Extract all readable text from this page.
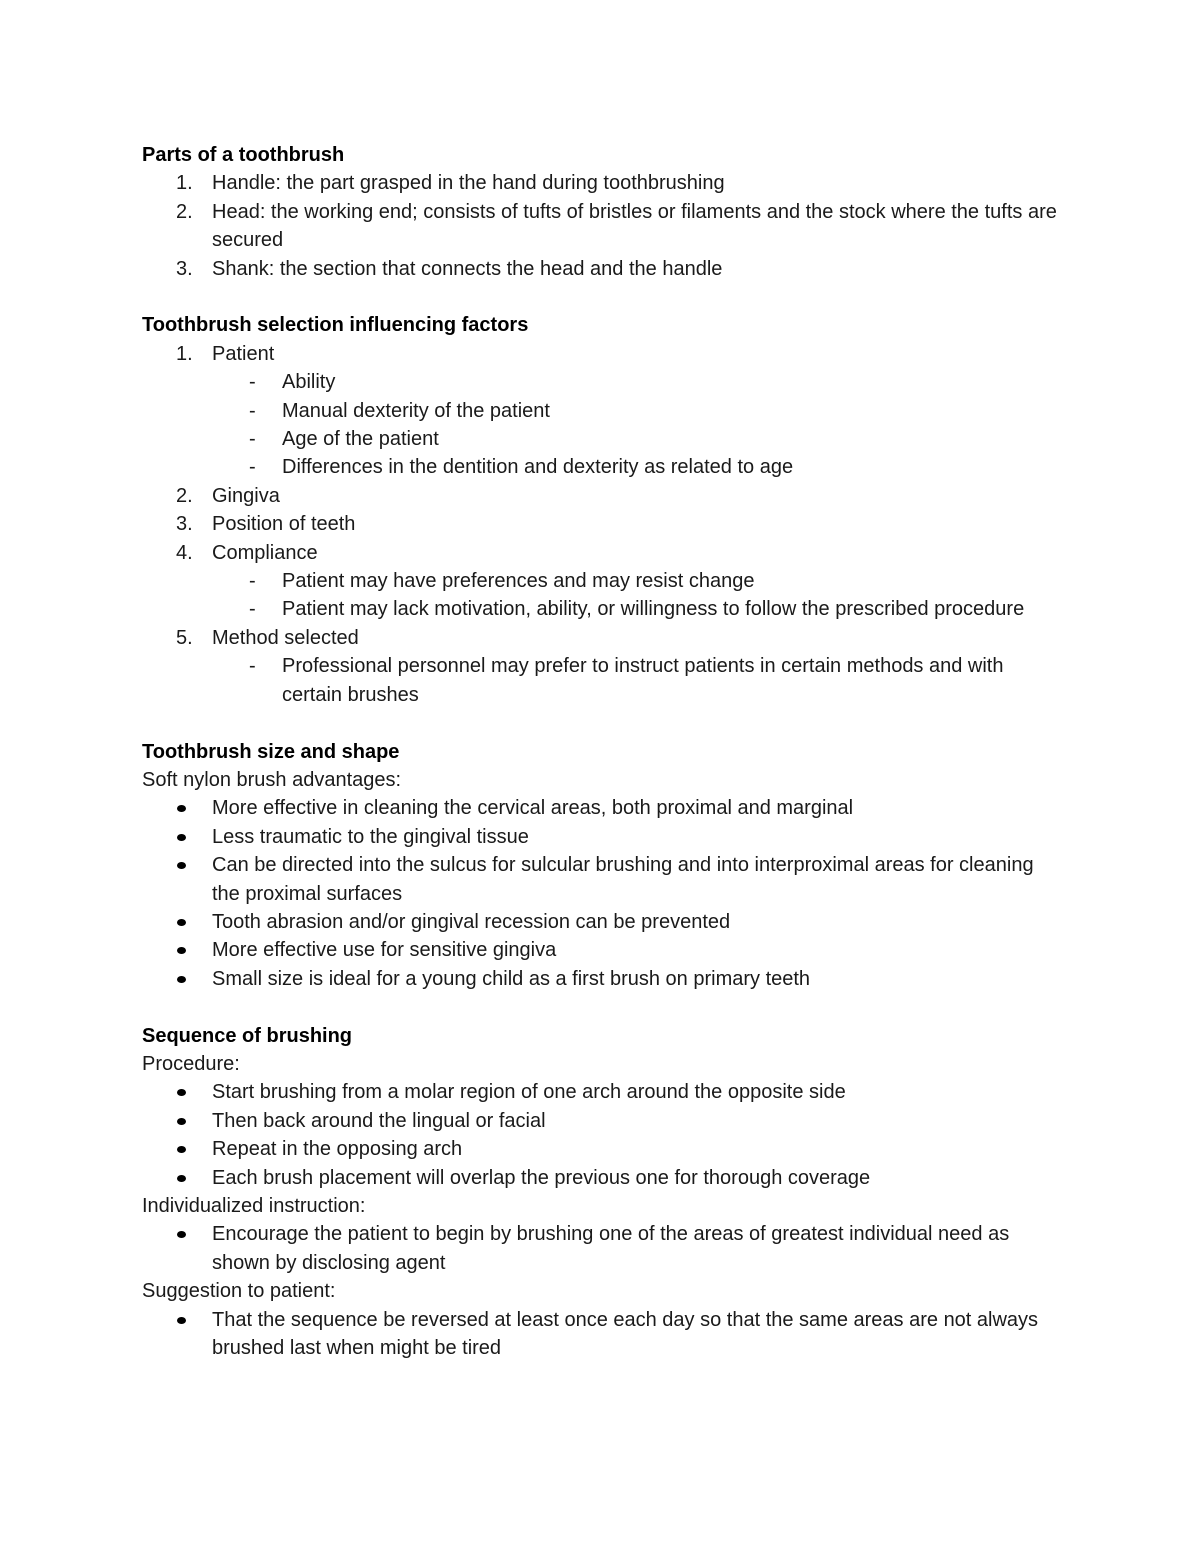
Parts of a toothbrush
1. Handle: the part grasped in the hand during toothbrushing
2. Head: the working end; consists of tufts of bristles or filaments and the stock where the tufts are secured
3. Shank: the section that connects the head and the handle
Toothbrush selection influencing factors
1. Patient
- Ability
- Manual dexterity of the patient
- Age of the patient
- Differences in the dentition and dexterity as related to age
2. Gingiva
3. Position of teeth
4. Compliance
- Patient may have preferences and may resist change
- Patient may lack motivation, ability, or willingness to follow the prescribed procedure
5. Method selected
- Professional personnel may prefer to instruct patients in certain methods and with certain brushes
Toothbrush size and shape
Soft nylon brush advantages:
More effective in cleaning the cervical areas, both proximal and marginal
Less traumatic to the gingival tissue
Can be directed into the sulcus for sulcular brushing and into interproximal areas for cleaning the proximal surfaces
Tooth abrasion and/or gingival recession can be prevented
More effective use for sensitive gingiva
Small size is ideal for a young child as a first brush on primary teeth
Sequence of brushing
Procedure:
Start brushing from a molar region of one arch around the opposite side
Then back around the lingual or facial
Repeat in the opposing arch
Each brush placement will overlap the previous one for thorough coverage
Individualized instruction:
Encourage the patient to begin by brushing one of the areas of greatest individual need as shown by disclosing agent
Suggestion to patient:
That the sequence be reversed at least once each day so that the same areas are not always brushed last when might be tired
